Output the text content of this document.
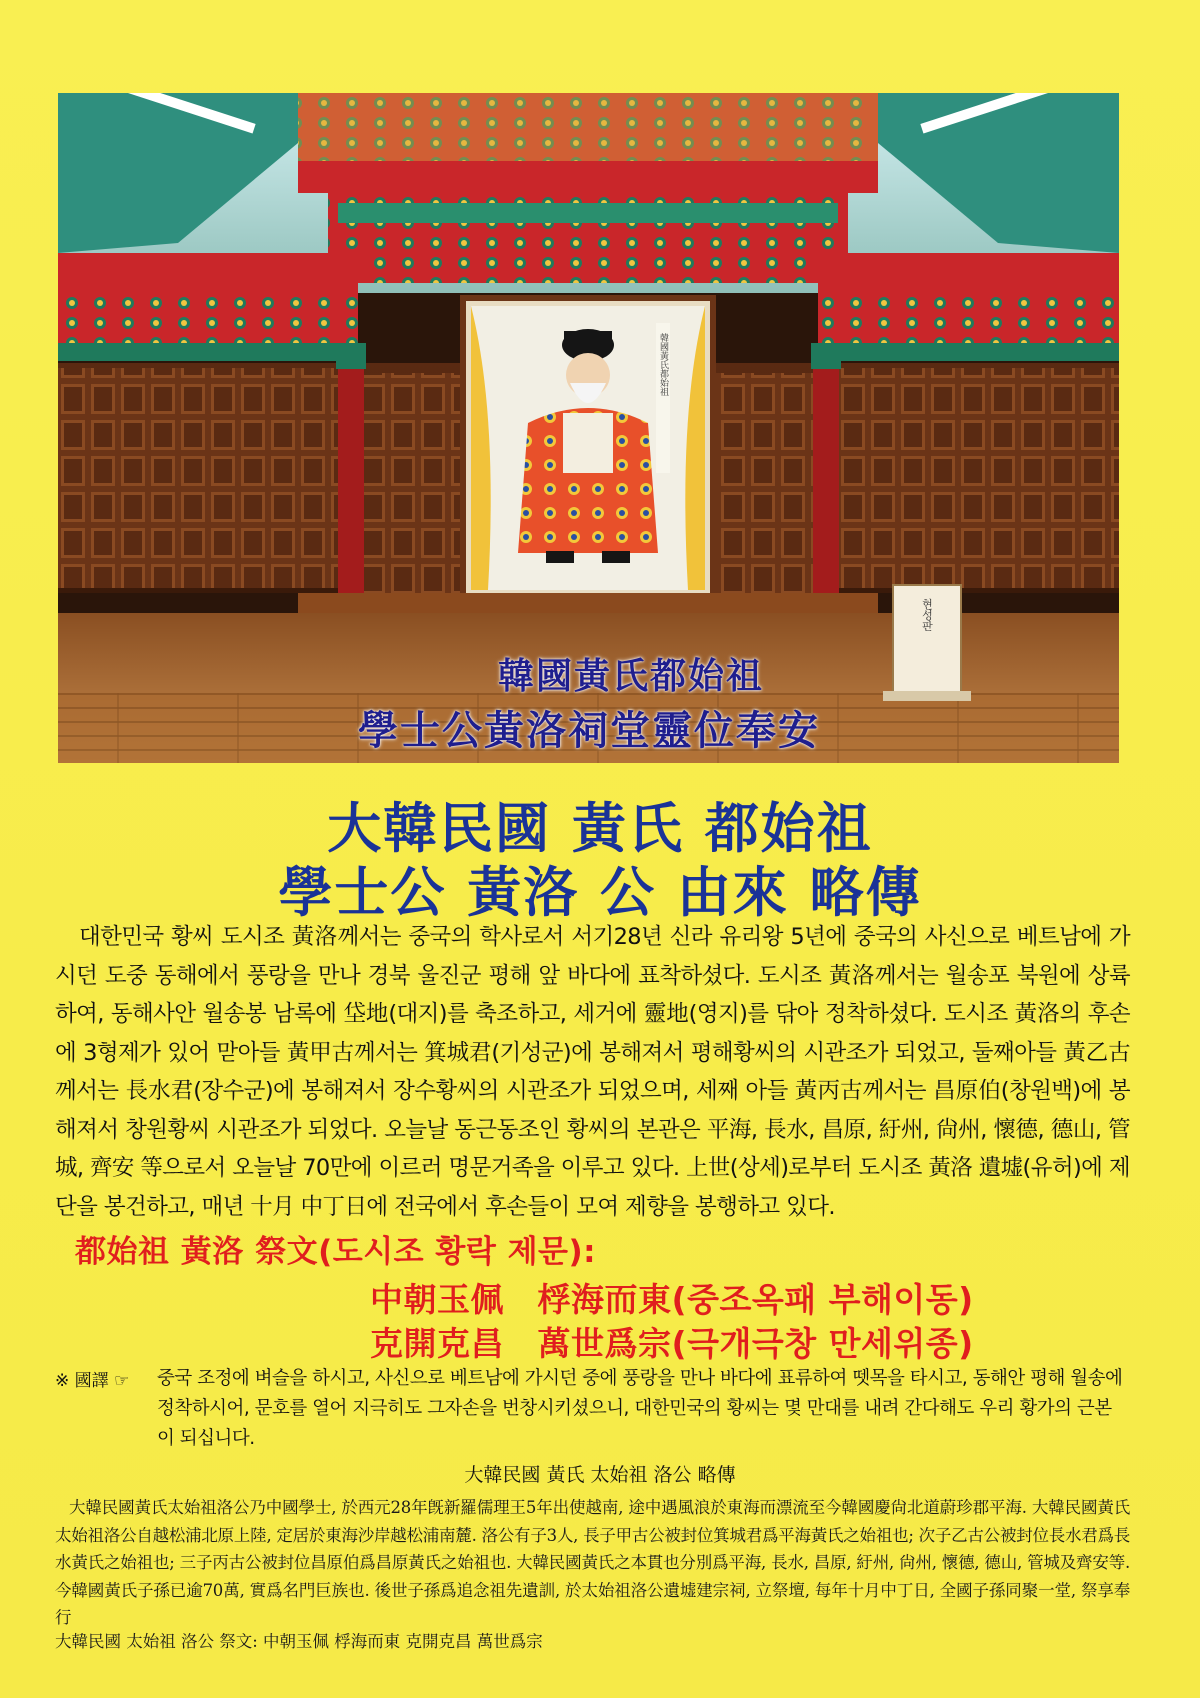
韓國黃氏都始祖
현성판
韓國黃氏都始祖
學士公黃洛祠堂靈位奉安
大韓民國 黃氏 都始祖
學士公 黃洛 公 由來 略傳
대한민국 황씨 도시조 黃洛께서는 중국의 학사로서 서기28년 신라 유리왕 5년에 중국의 사신으로 베트남에 가시던 도중 동해에서 풍랑을 만나 경북 울진군 평해 앞 바다에 표착하셨다. 도시조 黃洛께서는 월송포 북원에 상륙하여, 동해사안 월송봉 남록에 垈地(대지)를 축조하고, 세거에 靈地(영지)를 닦아 정착하셨다. 도시조 黃洛의 후손에 3형제가 있어 맏아들 黃甲古께서는 箕城君(기성군)에 봉해져서 평해황씨의 시관조가 되었고, 둘째아들 黃乙古께서는 長水君(장수군)에 봉해져서 장수황씨의 시관조가 되었으며, 세째 아들 黃丙古께서는 昌原伯(창원백)에 봉해져서 창원황씨 시관조가 되었다. 오늘날 동근동조인 황씨의 본관은 平海, 長水, 昌原, 紆州, 尙州, 懷德, 德山, 管城, 齊安 等으로서 오늘날 70만에 이르러 명문거족을 이루고 있다. 上世(상세)로부터 도시조 黃洛 遺墟(유허)에 제단을 봉건하고, 매년 十月 中丁日에 전국에서 후손들이 모여 제향을 봉행하고 있다.
都始祖 黃洛 祭文(도시조 황락 제문):
中朝玉佩　桴海而東(중조옥패 부해이동)
克開克昌　萬世爲宗(극개극창 만세위종)
※ 國譯 ☞ 중국 조정에 벼슬을 하시고, 사신으로 베트남에 가시던 중에 풍랑을 만나 바다에 표류하여 뗏목을 타시고, 동해안 평해 월송에 정착하시어, 문호를 열어 지극히도 그자손을 번창시키셨으니, 대한민국의 황씨는 몇 만대를 내려 간다해도 우리 황가의 근본이 되십니다.
大韓民國 黃氏 太始祖 洛公 略傳
大韓民國黃氏太始祖洛公乃中國學士, 於西元28年旣新羅儒理王5年出使越南, 途中遇風浪於東海而漂流至今韓國慶尙北道蔚珍郡平海. 大韓民國黃氏太始祖洛公自越松浦北原上陸, 定居於東海沙岸越松浦南麓. 洛公有子3人, 長子甲古公被封位箕城君爲平海黃氏之始祖也; 次子乙古公被封位長水君爲長水黃氏之始祖也; 三子丙古公被封位昌原伯爲昌原黃氏之始祖也. 大韓民國黃氏之本貫也分別爲平海, 長水, 昌原, 紆州, 尙州, 懷德, 德山, 管城及齊安等. 今韓國黃氏子孫已逾70萬, 實爲名門巨族也. 後世子孫爲追念祖先遺訓, 於太始祖洛公遺墟建宗祠, 立祭壇, 每年十月中丁日, 全國子孫同聚一堂, 祭享奉行
大韓民國 太始祖 洛公 祭文: 中朝玉佩 桴海而東 克開克昌 萬世爲宗
